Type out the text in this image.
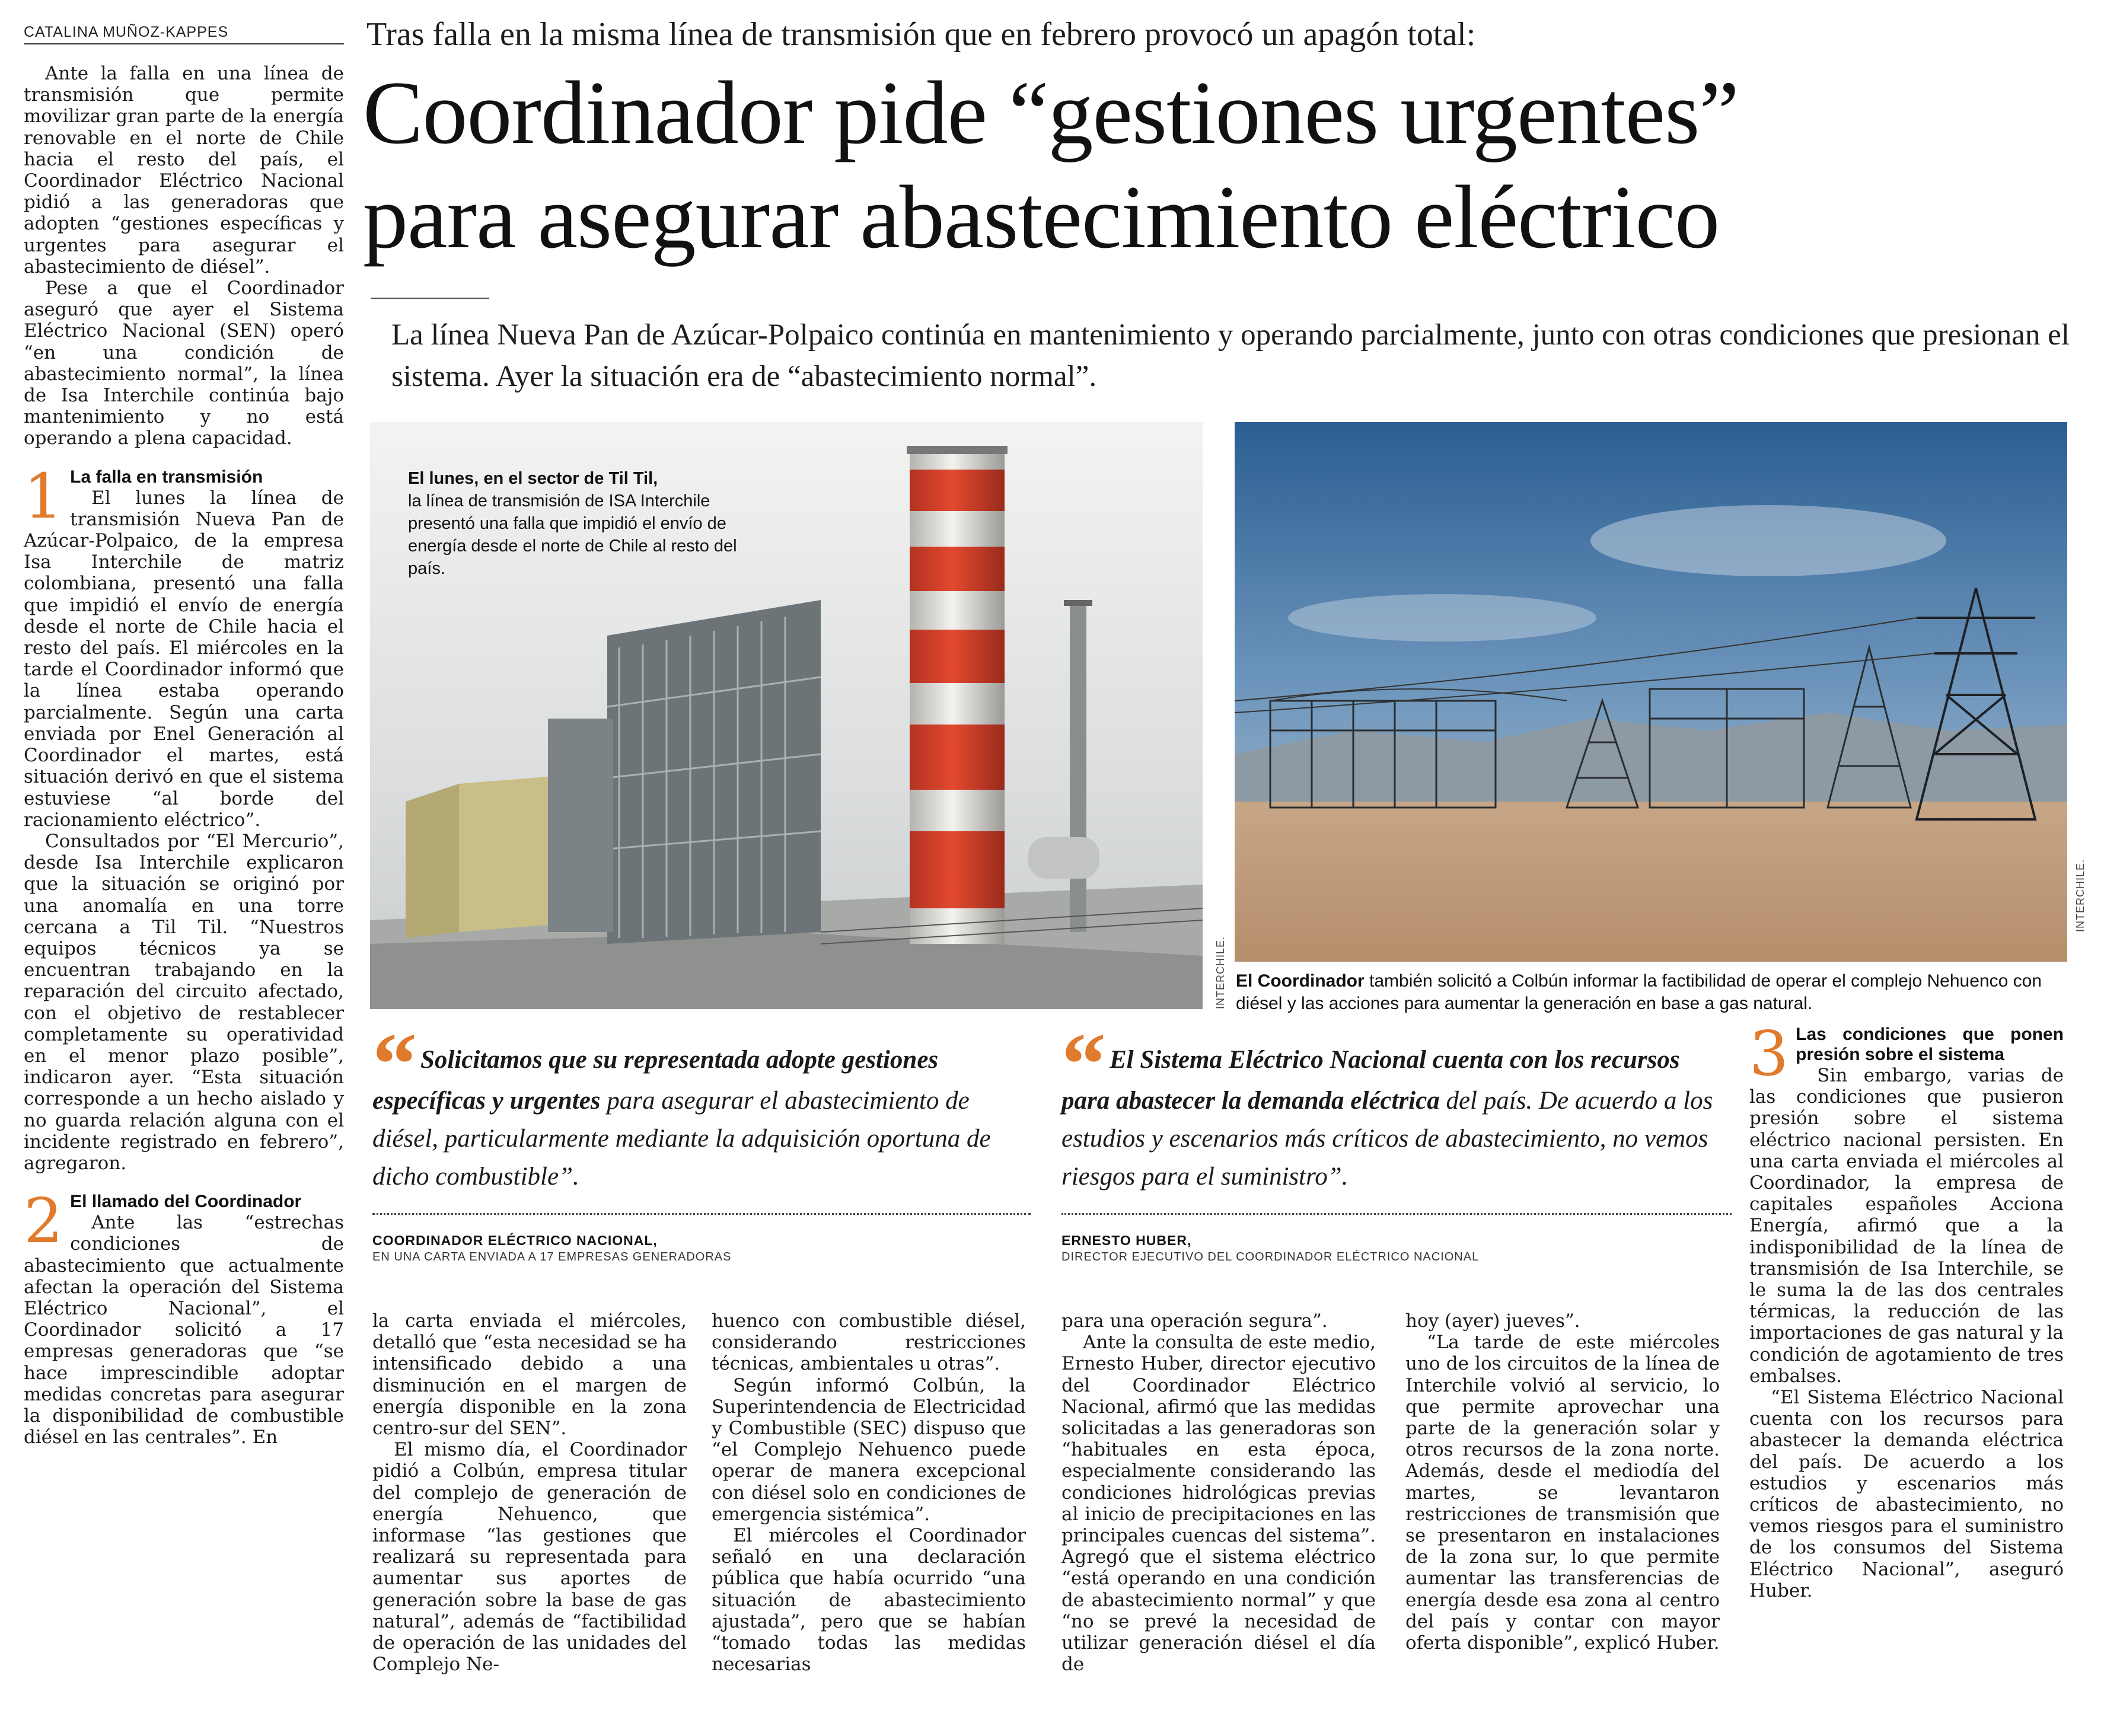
CATALINA MUÑOZ-KAPPES

Ante la falla en una línea de transmisión que permite movilizar gran parte de la energía renovable en el norte de Chile hacia el resto del país, el Coordinador Eléctrico Nacional pidió a las generadoras que adopten “gestiones específicas y urgentes para asegurar el abastecimiento de diésel”.

Pese a que el Coordinador aseguró que ayer el Sistema Eléctrico Nacional (SEN) operó “en una condición de abastecimiento normal”, la línea de Isa Interchile continúa bajo mantenimiento y no está operando a plena capacidad.

1 La falla en transmisión

El lunes la línea de transmisión Nueva Pan de Azúcar-Polpaico, de la empresa Isa Interchile de matriz colombiana, presentó una falla que impidió el envío de energía desde el norte de Chile hacia el resto del país. El miércoles en la tarde el Coordinador informó que la línea estaba operando parcialmente. Según una carta enviada por Enel Generación al Coordinador el martes, está situación derivó en que el sistema estuviese “al borde del racionamiento eléctrico”.

Consultados por “El Mercurio”, desde Isa Interchile explicaron que la situación se originó por una anomalía en una torre cercana a Til Til. “Nuestros equipos técnicos ya se encuentran trabajando en la reparación del circuito afectado, con el objetivo de restablecer completamente su operatividad en el menor plazo posible”, indicaron ayer. “Esta situación corresponde a un hecho aislado y no guarda relación alguna con el incidente registrado en febrero”, agregaron.

2 El llamado del Coordinador

Ante las “estrechas condiciones de abastecimiento que actualmente afectan la operación del Sistema Eléctrico Nacional”, el Coordinador solicitó a 17 empresas generadoras que “se hace imprescindible adoptar medidas concretas para asegurar la disponibilidad de combustible diésel en las centrales”. En

Tras falla en la misma línea de transmisión que en febrero provocó un apagón total:
Coordinador pide “gestiones urgentes”
para asegurar abastecimiento eléctrico
La línea Nueva Pan de Azúcar-Polpaico continúa en mantenimiento y operando parcialmente, junto con otras condiciones que presionan el sistema. Ayer la situación era de “abastecimiento normal”.
El lunes, en el sector de Til Til,
la línea de transmisión de ISA Interchile presentó una falla que impidió el envío de energía desde el norte de Chile al resto del país.
INTERCHILE.
INTERCHILE.
El Coordinador también solicitó a Colbún informar la factibilidad de operar el complejo Nehuenco con diésel y las acciones para aumentar la generación en base a gas natural.
“ Solicitamos que su representada adopte gestiones específicas y urgentes para asegurar el abastecimiento de diésel, particularmente mediante la adquisición oportuna de dicho combustible”.
COORDINADOR ELÉCTRICO NACIONAL,
EN UNA CARTA ENVIADA A 17 EMPRESAS GENERADORAS
“ El Sistema Eléctrico Nacional cuenta con los recursos para abastecer la demanda eléctrica del país. De acuerdo a los estudios y escenarios más críticos de abastecimiento, no vemos riesgos para el suministro”.
ERNESTO HUBER,
DIRECTOR EJECUTIVO DEL COORDINADOR ELÉCTRICO NACIONAL
3 Las condiciones que ponen presión sobre el sistema

Sin embargo, varias de las condiciones que pusieron presión sobre el sistema eléctrico nacional persisten. En una carta enviada el miércoles al Coordinador, la empresa de capitales españoles Acciona Energía, afirmó que a la indisponibilidad de la línea de transmisión de Isa Interchile, se le suma la de las dos centrales térmicas, la reducción de las importaciones de gas natural y la condición de agotamiento de tres embalses.

“El Sistema Eléctrico Nacional cuenta con los recursos para abastecer la demanda eléctrica del país. De acuerdo a los estudios y escenarios más críticos de abastecimiento, no vemos riesgos para el suministro de los consumos del Sistema Eléctrico Nacional”, aseguró Huber.

la carta enviada el miércoles, detalló que “esta necesidad se ha intensificado debido a una disminución en el margen de energía disponible en la zona centro-sur del SEN”.

El mismo día, el Coordinador pidió a Colbún, empresa titular del complejo de generación de energía Nehuenco, que informase “las gestiones que realizará su representada para aumentar sus aportes de generación sobre la base de gas natural”, además de “factibilidad de operación de las unidades del Complejo Ne-

huenco con combustible diésel, considerando restricciones técnicas, ambientales u otras”.

Según informó Colbún, la Superintendencia de Electricidad y Combustible (SEC) dispuso que “el Complejo Nehuenco puede operar de manera excepcional con diésel solo en condiciones de emergencia sistémica”.

El miércoles el Coordinador señaló en una declaración pública que había ocurrido “una situación de abastecimiento ajustada”, pero que se habían “tomado todas las medidas necesarias

para una operación segura”.

Ante la consulta de este medio, Ernesto Huber, director ejecutivo del Coordinador Eléctrico Nacional, afirmó que las medidas solicitadas a las generadoras son “habituales en esta época, especialmente considerando las condiciones hidrológicas previas al inicio de precipitaciones en las principales cuencas del sistema”. Agregó que el sistema eléctrico “está operando en una condición de abastecimiento normal” y que “no se prevé la necesidad de utilizar generación diésel el día de

hoy (ayer) jueves”.

“La tarde de este miércoles uno de los circuitos de la línea de Interchile volvió al servicio, lo que permite aprovechar una parte de la generación solar y otros recursos de la zona norte. Además, desde el mediodía del martes, se levantaron restricciones de transmisión que se presentaron en instalaciones de la zona sur, lo que permite aumentar las transferencias de energía desde esa zona al centro del país y contar con mayor oferta disponible”, explicó Huber.
